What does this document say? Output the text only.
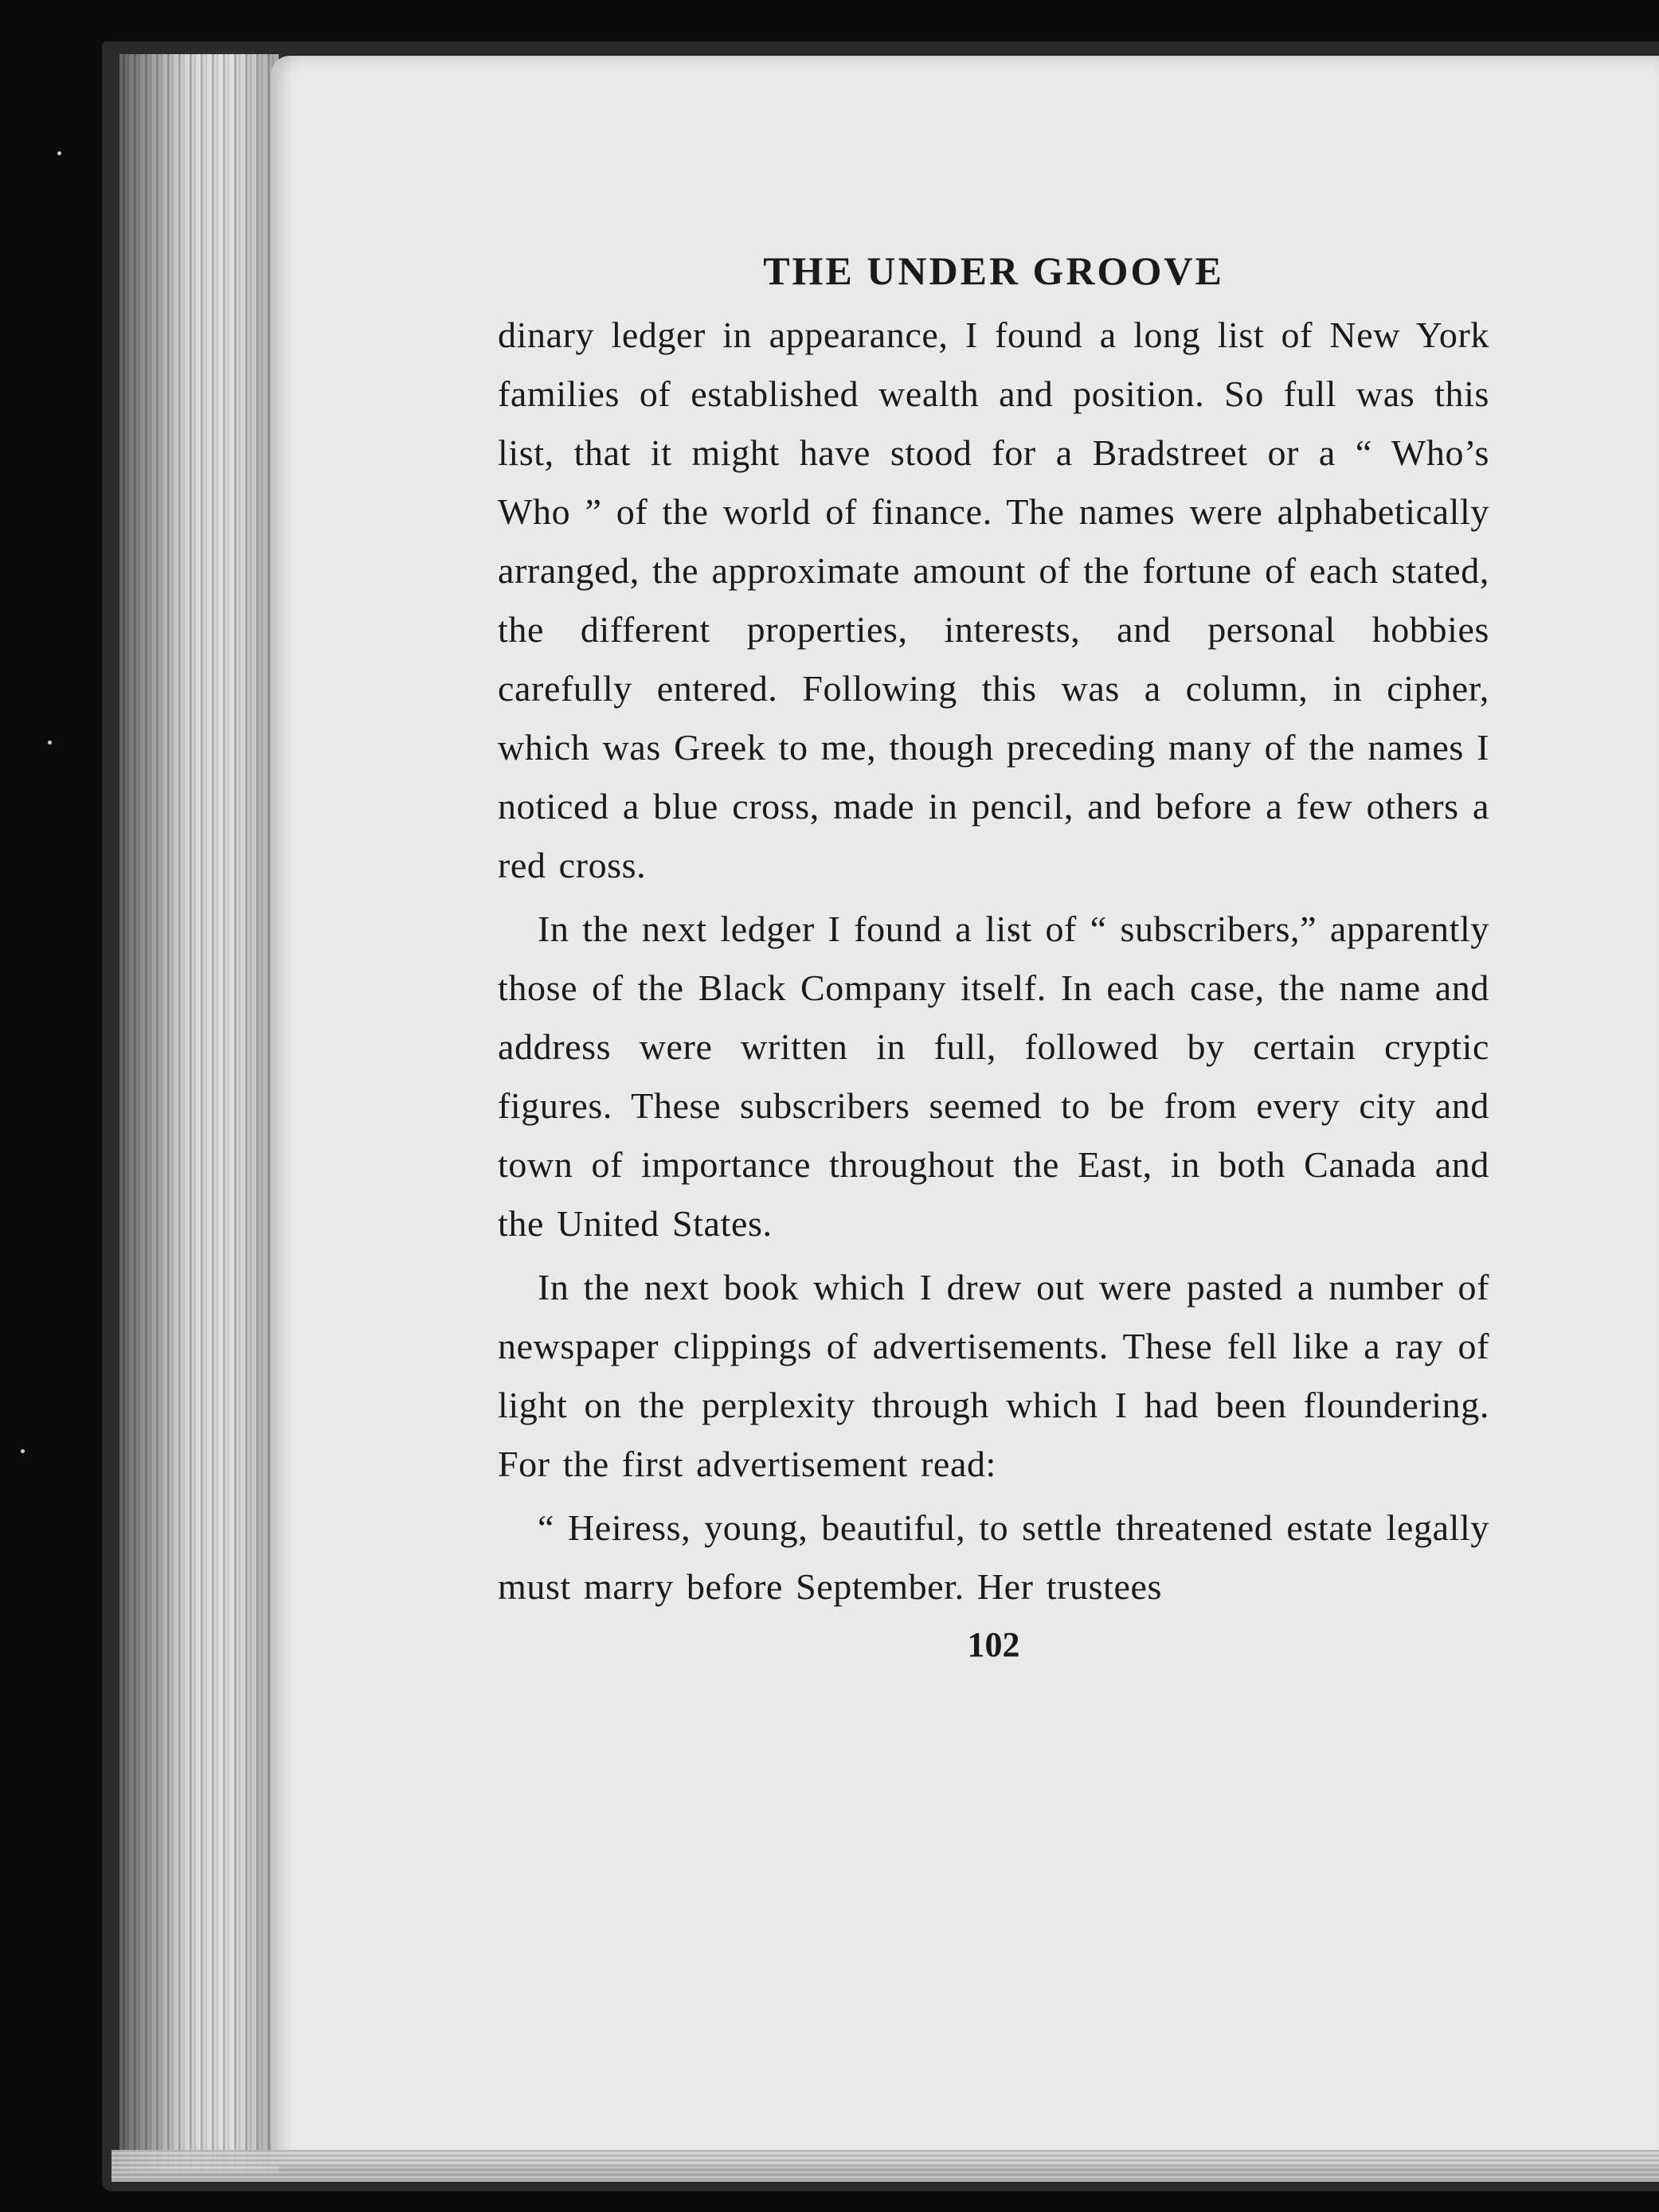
THE UNDER GROOVE

dinary ledger in appearance, I found a long list of New York families of established wealth and position. So full was this list, that it might have stood for a Bradstreet or a “ Who’s Who ” of the world of finance. The names were alphabetically arranged, the approximate amount of the fortune of each stated, the different properties, interests, and personal hobbies carefully entered. Following this was a column, in cipher, which was Greek to me, though preceding many of the names I noticed a blue cross, made in pencil, and before a few others a red cross.

In the next ledger I found a list of “ subscribers,” apparently those of the Black Company itself. In each case, the name and address were written in full, followed by certain cryptic figures. These subscribers seemed to be from every city and town of importance throughout the East, in both Canada and the United States.

In the next book which I drew out were pasted a number of newspaper clippings of advertisements. These fell like a ray of light on the perplexity through which I had been floundering. For the first advertisement read:

“ Heiress, young, beautiful, to settle threatened estate legally must marry before September. Her trustees

102
